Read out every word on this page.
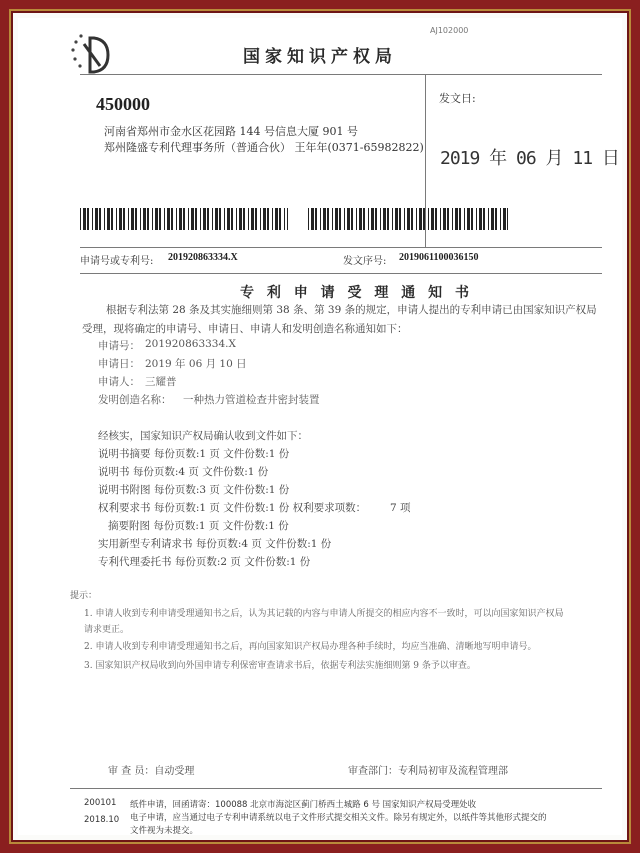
国家知识产权局
AJ102000
450000
河南省郑州市金水区花园路 144 号信息大厦 901 号
郑州隆盛专利代理事务所（普通合伙） 王年年(0371-65982822)
发文日:
2019 年 06 月 11 日
申请号或专利号: 201920863334.X	发文序号: 2019061100036150
专 利 申 请 受 理 通 知 书
根据专利法第 28 条及其实施细则第 38 条、第 39 条的规定，申请人提出的专利申请已由国家知识产权局
受理，现将确定的申请号、申请日、申请人和发明创造名称通知如下：
申请号： 201920863334.X
申请日： 2019 年 06 月 10 日
申请人： 三耀普
发明创造名称： 一种热力管道检查井密封装置
经核实，国家知识产权局确认收到文件如下：
说明书摘要 每份页数:1 页 文件份数:1 份
说明书 每份页数:4 页 文件份数:1 份
说明书附图 每份页数:3 页 文件份数:1 份
权利要求书 每份页数:1 页 文件份数:1 份 权利要求项数： 7 项
摘要附图 每份页数:1 页 文件份数:1 份
实用新型专利请求书 每份页数:4 页 文件份数:1 份
专利代理委托书 每份页数:2 页 文件份数:1 份
提示：
1. 申请人收到专利申请受理通知书之后，认为其记载的内容与申请人所提交的相应内容不一致时，可以向国家知识产权局
请求更正。
2. 申请人收到专利申请受理通知书之后，再向国家知识产权局办理各种手续时，均应当准确、清晰地写明申请号。
3. 国家知识产权局收到向外国申请专利保密审查请求书后，依据专利法实施细则第 9 条予以审查。
审 查 员：自动受理	审查部门：专利局初审及流程管理部
200101
2018.10
纸件申请，回函请寄：100088 北京市海淀区蓟门桥西土城路 6 号 国家知识产权局受理处收
电子申请，应当通过电子专利申请系统以电子文件形式提交相关文件。除另有规定外，以纸件等其他形式提交的
文件视为未提交。
